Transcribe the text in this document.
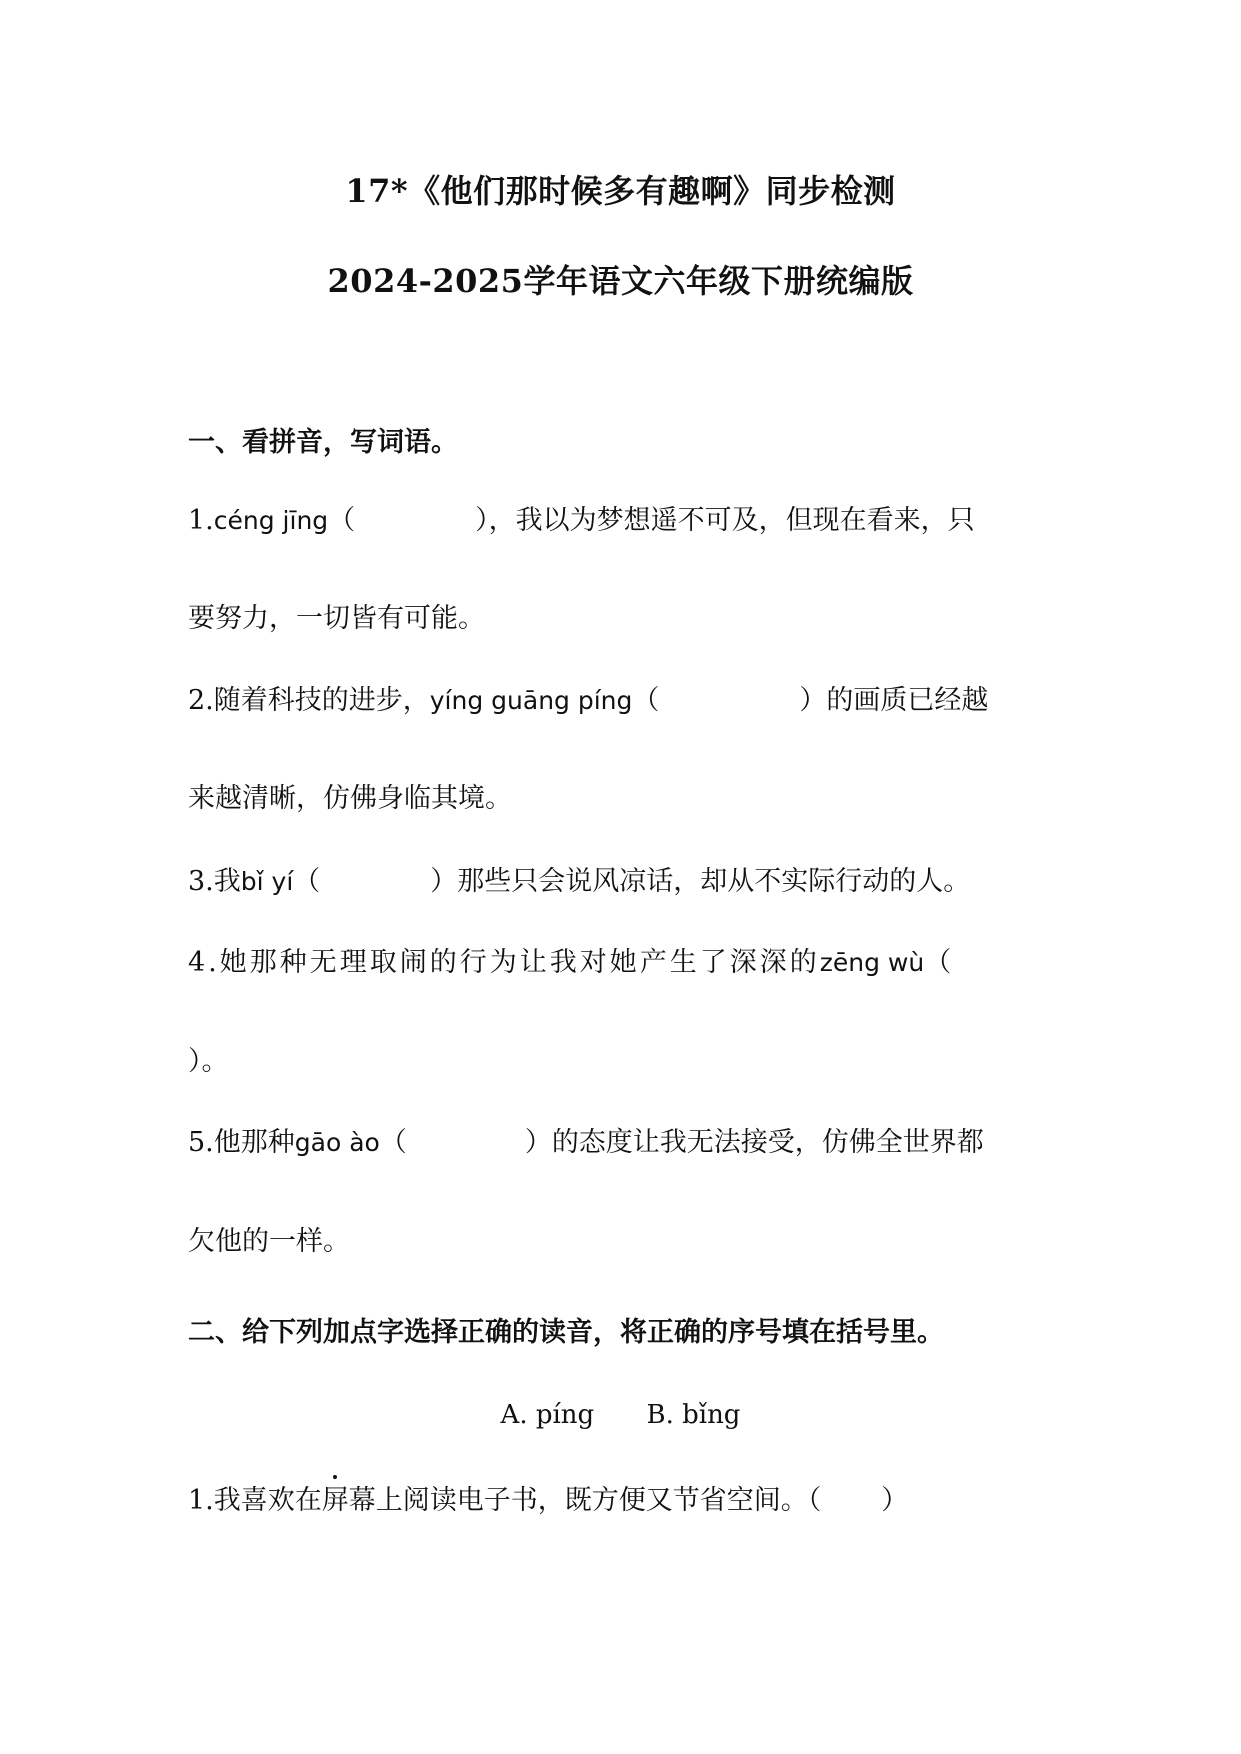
17*《他们那时候多有趣啊》同步检测
2024-2025学年语文六年级下册统编版
一、看拼音，写词语。
1.céng jīng（	），我以为梦想遥不可及，但现在看来，只
要努力，一切皆有可能。
2.随着科技的进步，yíng guāng píng（	）的画质已经越
来越清晰，仿佛身临其境。
3.我bǐ yí（	）那些只会说风凉话，却从不实际行动的人。
4.她那种无理取闹的行为让我对她产生了深深的zēng wù（
）。
5.他那种gāo ào（	）的态度让我无法接受，仿佛全世界都
欠他的一样。
二、给下列加点字选择正确的读音，将正确的序号填在括号里。
A. píng B. bǐng
1.我喜欢在屏幕上阅读电子书，既方便又节省空间。（ ）
